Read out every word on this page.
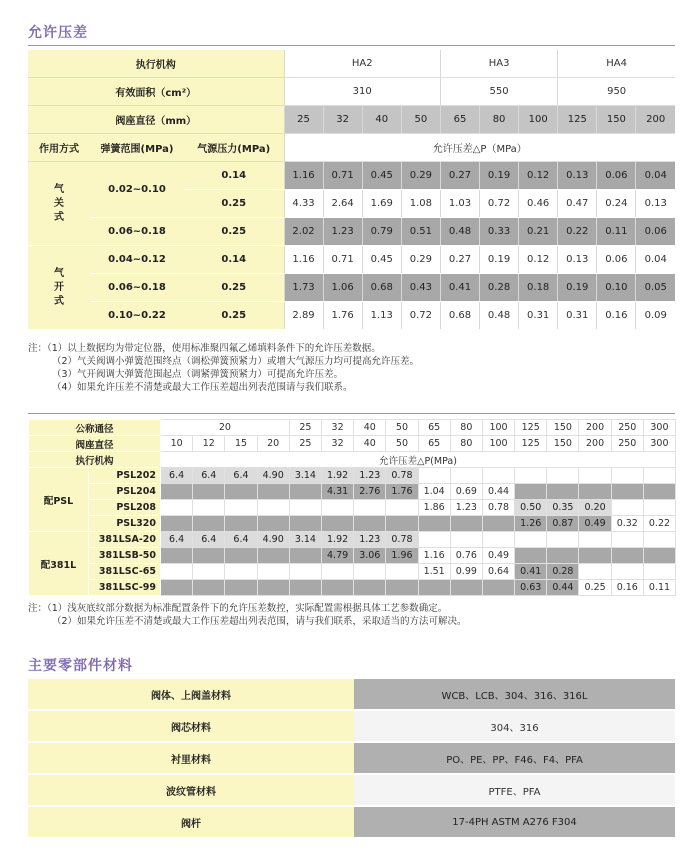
允许压差
执行机构			HA2				HA3			HA4		
有效面积（cm²）			310				550			950		
阀座直径（mm）			25	32	40	50	65	80	100	125	150	200
作用方式	弹簧范围(MPa)	气源压力(MPa)	允许压差△P（MPa）									

气
关
式	0.02~0.10	0.14	1.16	0.71	0.45	0.29	0.27	0.19	0.12	0.13	0.06	0.04
		0.25	4.33	2.64	1.69	1.08	1.03	0.72	0.46	0.47	0.24	0.13
	0.06~0.18	0.25	2.02	1.23	0.79	0.51	0.48	0.33	0.21	0.22	0.11	0.06

气
开
式	0.04~0.12	0.14	1.16	0.71	0.45	0.29	0.27	0.19	0.12	0.13	0.06	0.04
	0.06~0.18	0.25	1.73	1.06	0.68	0.43	0.41	0.28	0.18	0.19	0.10	0.05
	0.10~0.22	0.25	2.89	1.76	1.13	0.72	0.68	0.48	0.31	0.31	0.16	0.09
注：（1）以上数据均为带定位器，使用标准聚四氟乙烯填料条件下的允许压差数据。
（2）气关阀调小弹簧范围终点（调松弹簧预紧力）或增大气源压力均可提高允许压差。
（3）气开阀调大弹簧范围起点（调紧弹簧预紧力）可提高允许压差。
（4）如果允许压差不清楚或最大工作压差超出列表范围请与我们联系。
公称通径		20				25	32	40	50	65	80	100	125	150	200	250	300
阀座直径		10	12	15	20	25	32	40	50	65	80	100	125	150	200	250	300
执行机构		允许压差△P(MPa)															
配PSL	PSL202	6.4	6.4	6.4	4.90	3.14	1.92	1.23	0.78								
	PSL204						4.31	2.76	1.76	1.04	0.69	0.44					
	PSL208									1.86	1.23	0.78	0.50	0.35	0.20		
	PSL320												1.26	0.87	0.49	0.32	0.22
配381L	381LSA-20	6.4	6.4	6.4	4.90	3.14	1.92	1.23	0.78								
	381LSB-50						4.79	3.06	1.96	1.16	0.76	0.49					
	381LSC-65									1.51	0.99	0.64	0.41	0.28			
	381LSC-99												0.63	0.44	0.25	0.16	0.11
注：（1）浅灰底纹部分数据为标准配置条件下的允许压差数控，实际配置需根据具体工艺参数确定。
（2）如果允许压差不清楚或最大工作压差超出列表范围，请与我们联系，采取适当的方法可解决。
主要零部件材料
阀体、上阀盖材料	WCB、LCB、304、316、316L
阀芯材料	304、316
衬里材料	PO、PE、PP、F46、F4、PFA
波纹管材料	PTFE、PFA
阀杆	17-4PH ASTM A276 F304
